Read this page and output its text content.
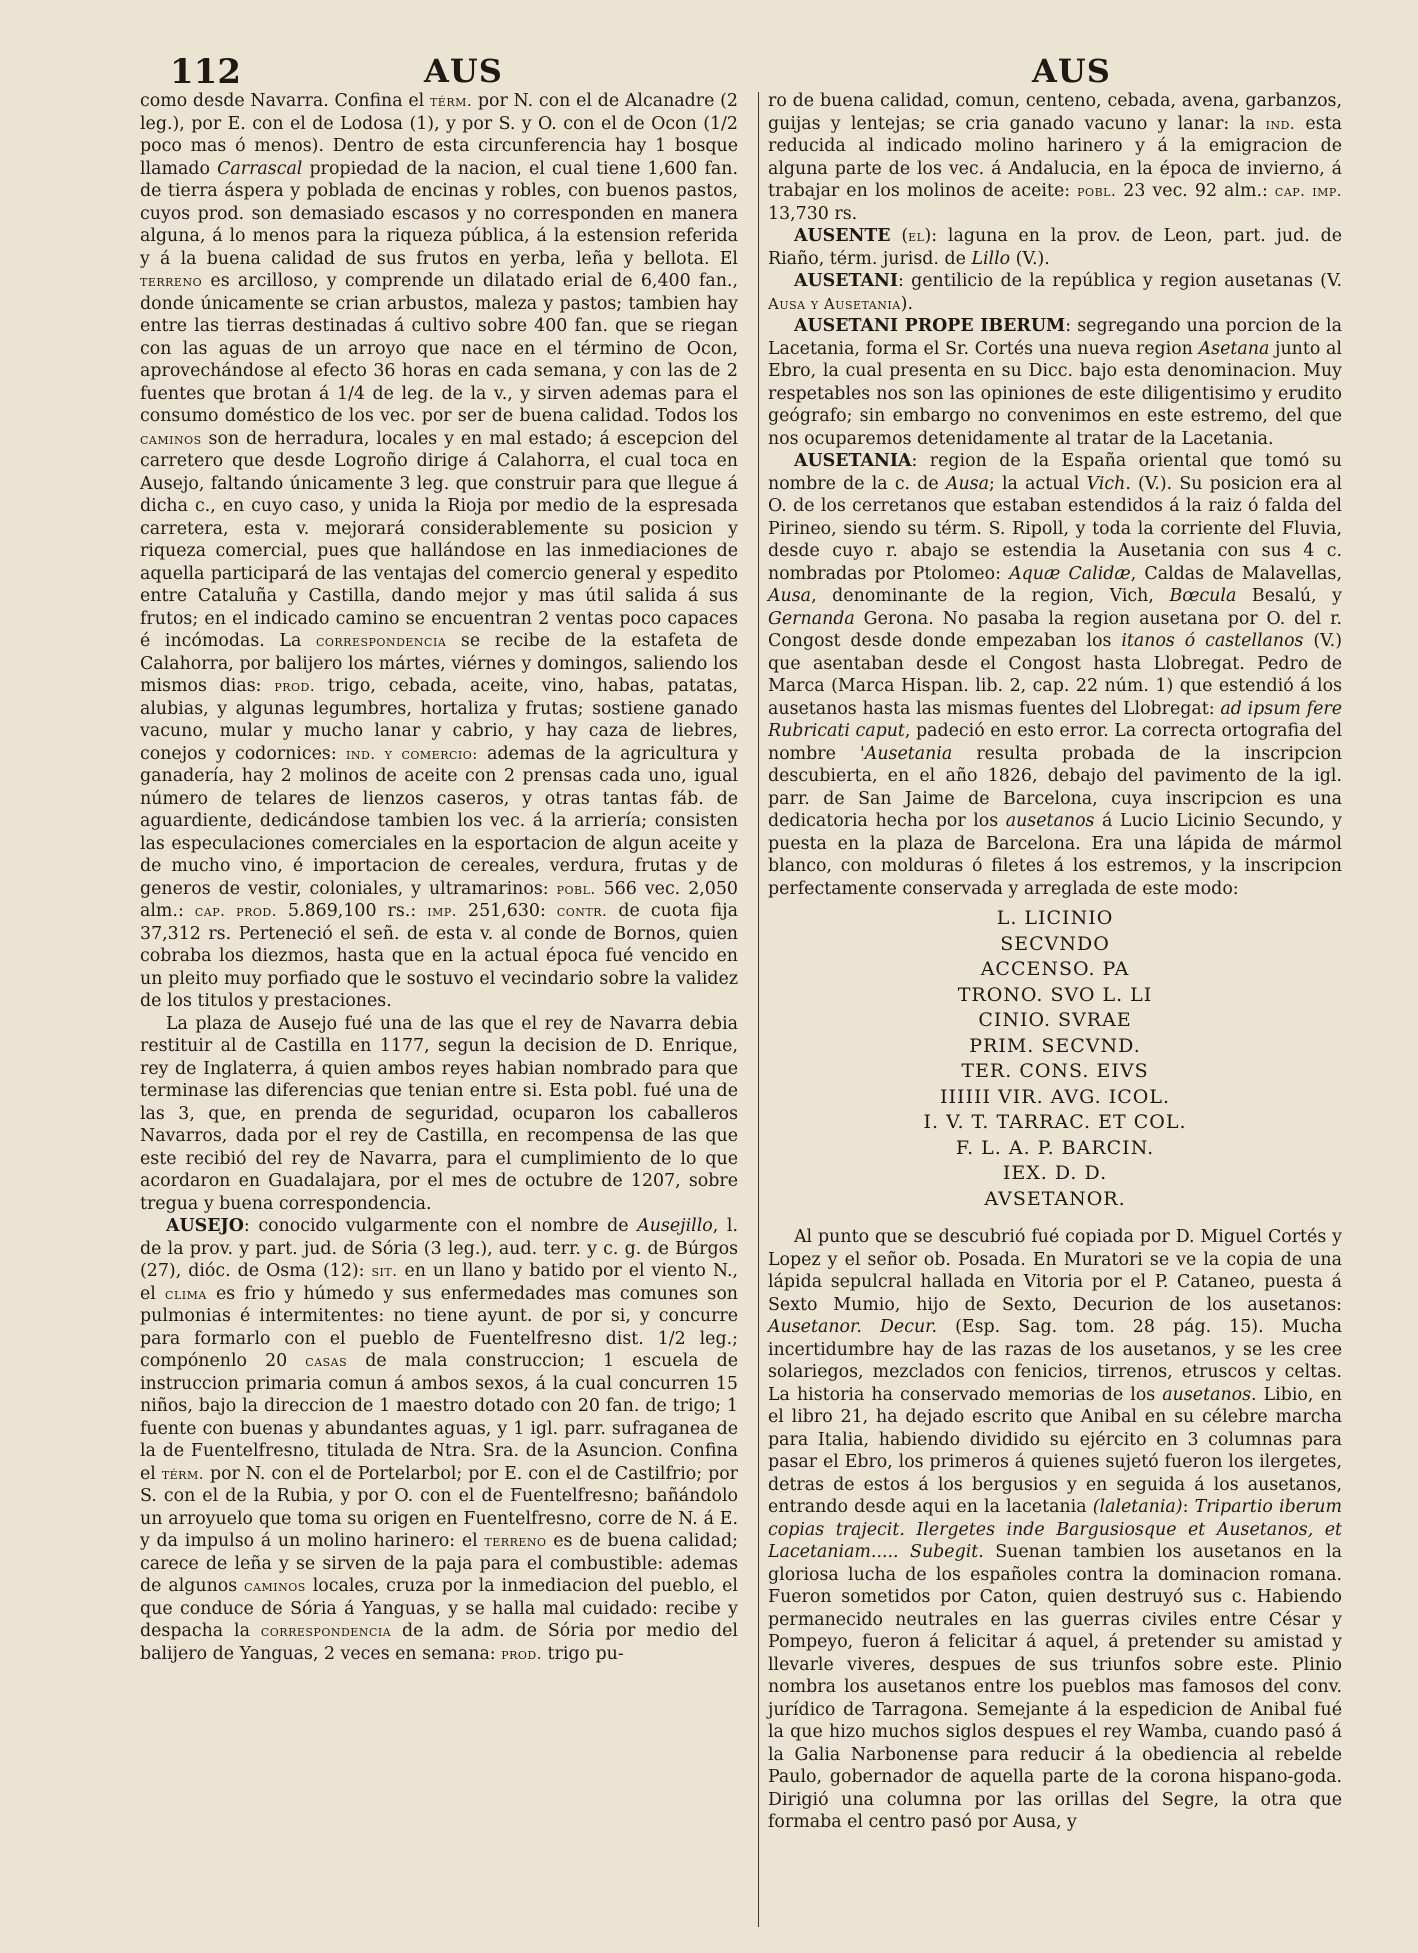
112	AUS	AUS

como desde Navarra. Confina el térm. por N. con el de Alcanadre (2 leg.), por E. con el de Lodosa (1), y por S. y O. con el de Ocon (1/2 poco mas ó menos). Dentro de esta circunferencia hay 1 bosque llamado Carrascal propiedad de la nacion, el cual tiene 1,600 fan. de tierra áspera y poblada de encinas y robles, con buenos pastos, cuyos prod. son demasiado escasos y no corresponden en manera alguna, á lo menos para la riqueza pública, á la estension referida y á la buena calidad de sus frutos en yerba, leña y bellota. El terreno es arcilloso, y comprende un dilatado erial de 6,400 fan., donde únicamente se crian arbustos, maleza y pastos; tambien hay entre las tierras destinadas á cultivo sobre 400 fan. que se riegan con las aguas de un arroyo que nace en el término de Ocon, aprovechándose al efecto 36 horas en cada semana, y con las de 2 fuentes que brotan á 1/4 de leg. de la v., y sirven ademas para el consumo doméstico de los vec. por ser de buena calidad. Todos los caminos son de herradura, locales y en mal estado; á escepcion del carretero que desde Logroño dirige á Calahorra, el cual toca en Ausejo, faltando únicamente 3 leg. que construir para que llegue á dicha c., en cuyo caso, y unida la Rioja por medio de la espresada carretera, esta v. mejorará considerablemente su posicion y riqueza comercial, pues que hallándose en las inmediaciones de aquella participará de las ventajas del comercio general y espedito entre Cataluña y Castilla, dando mejor y mas útil salida á sus frutos; en el indicado camino se encuentran 2 ventas poco capaces é incómodas. La correspondencia se recibe de la estafeta de Calahorra, por balijero los mártes, viérnes y domingos, saliendo los mismos dias: prod. trigo, cebada, aceite, vino, habas, patatas, alubias, y algunas legumbres, hortaliza y frutas; sostiene ganado vacuno, mular y mucho lanar y cabrio, y hay caza de liebres, conejos y codornices: ind. y comercio: ademas de la agricultura y ganadería, hay 2 molinos de aceite con 2 prensas cada uno, igual número de telares de lienzos caseros, y otras tantas fáb. de aguardiente, dedicándose tambien los vec. á la arriería; consisten las especulaciones comerciales en la esportacion de algun aceite y de mucho vino, é importacion de cereales, verdura, frutas y de generos de vestir, coloniales, y ultramarinos: pobl. 566 vec. 2,050 alm.: cap. prod. 5.869,100 rs.: imp. 251,630: contr. de cuota fija 37,312 rs. Perteneció el señ. de esta v. al conde de Bornos, quien cobraba los diezmos, hasta que en la actual época fué vencido en un pleito muy porfiado que le sostuvo el vecindario sobre la validez de los titulos y prestaciones.

La plaza de Ausejo fué una de las que el rey de Navarra debia restituir al de Castilla en 1177, segun la decision de D. Enrique, rey de Inglaterra, á quien ambos reyes habian nombrado para que terminase las diferencias que tenian entre si. Esta pobl. fué una de las 3, que, en prenda de seguridad, ocuparon los caballeros Navarros, dada por el rey de Castilla, en recompensa de las que este recibió del rey de Navarra, para el cumplimiento de lo que acordaron en Guadalajara, por el mes de octubre de 1207, sobre tregua y buena correspondencia.

AUSEJO: conocido vulgarmente con el nombre de Ausejillo, l. de la prov. y part. jud. de Sória (3 leg.), aud. terr. y c. g. de Búrgos (27), dióc. de Osma (12): sit. en un llano y batido por el viento N., el clima es frio y húmedo y sus enfermedades mas comunes son pulmonias é intermitentes: no tiene ayunt. de por si, y concurre para formarlo con el pueblo de Fuentelfresno dist. 1/2 leg.; compónenlo 20 casas de mala construccion; 1 escuela de instruccion primaria comun á ambos sexos, á la cual concurren 15 niños, bajo la direccion de 1 maestro dotado con 20 fan. de trigo; 1 fuente con buenas y abundantes aguas, y 1 igl. parr. sufraganea de la de Fuentelfresno, titulada de Ntra. Sra. de la Asuncion. Confina el térm. por N. con el de Portelarbol; por E. con el de Castilfrio; por S. con el de la Rubia, y por O. con el de Fuentelfresno; bañándolo un arroyuelo que toma su origen en Fuentelfresno, corre de N. á E. y da impulso á un molino harinero: el terreno es de buena calidad; carece de leña y se sirven de la paja para el combustible: ademas de algunos caminos locales, cruza por la inmediacion del pueblo, el que conduce de Sória á Yanguas, y se halla mal cuidado: recibe y despacha la correspondencia de la adm. de Sória por medio del balijero de Yanguas, 2 veces en semana: prod. trigo pu-

ro de buena calidad, comun, centeno, cebada, avena, garbanzos, guijas y lentejas; se cria ganado vacuno y lanar: la ind. esta reducida al indicado molino harinero y á la emigracion de alguna parte de los vec. á Andalucia, en la época de invierno, á trabajar en los molinos de aceite: pobl. 23 vec. 92 alm.: cap. imp. 13,730 rs.

AUSENTE (el): laguna en la prov. de Leon, part. jud. de Riaño, térm. jurisd. de Lillo (V.).

AUSETANI: gentilicio de la república y region ausetanas (V. Ausa y Ausetania).

AUSETANI PROPE IBERUM: segregando una porcion de la Lacetania, forma el Sr. Cortés una nueva region Asetana junto al Ebro, la cual presenta en su Dicc. bajo esta denominacion. Muy respetables nos son las opiniones de este diligentisimo y erudito geógrafo; sin embargo no convenimos en este estremo, del que nos ocuparemos detenidamente al tratar de la Lacetania.

AUSETANIA: region de la España oriental que tomó su nombre de la c. de Ausa; la actual Vich. (V.). Su posicion era al O. de los cerretanos que estaban estendidos á la raiz ó falda del Pirineo, siendo su térm. S. Ripoll, y toda la corriente del Fluvia, desde cuyo r. abajo se estendia la Ausetania con sus 4 c. nombradas por Ptolomeo: Aquæ Calidæ, Caldas de Malavellas, Ausa, denominante de la region, Vich, Bœcula Besalú, y Gernanda Gerona. No pasaba la region ausetana por O. del r. Congost desde donde empezaban los itanos ó castellanos (V.) que asentaban desde el Congost hasta Llobregat. Pedro de Marca (Marca Hispan. lib. 2, cap. 22 núm. 1) que estendió á los ausetanos hasta las mismas fuentes del Llobregat: ad ipsum fere Rubricati caput, padeció en esto error. La correcta ortografia del nombre 'Ausetania resulta probada de la inscripcion descubierta, en el año 1826, debajo del pavimento de la igl. parr. de San Jaime de Barcelona, cuya inscripcion es una dedicatoria hecha por los ausetanos á Lucio Licinio Secundo, y puesta en la plaza de Barcelona. Era una lápida de mármol blanco, con molduras ó filetes á los estremos, y la inscripcion perfectamente conservada y arreglada de este modo:

L. LICINIO
SECVNDO
ACCENSO. PA
TRONO. SVO L. LI
CINIO. SVRAE
PRIM. SECVND.
TER. CONS. EIVS
IIIIII VIR. AVG. ICOL.
I. V. T. TARRAC. ET COL.
F. L. A. P. BARCIN.
IEX. D. D.
AVSETANOR.

Al punto que se descubrió fué copiada por D. Miguel Cortés y Lopez y el señor ob. Posada. En Muratori se ve la copia de una lápida sepulcral hallada en Vitoria por el P. Cataneo, puesta á Sexto Mumio, hijo de Sexto, Decurion de los ausetanos: Ausetanor. Decur. (Esp. Sag. tom. 28 pág. 15). Mucha incertidumbre hay de las razas de los ausetanos, y se les cree solariegos, mezclados con fenicios, tirrenos, etruscos y celtas. La historia ha conservado memorias de los ausetanos. Libio, en el libro 21, ha dejado escrito que Anibal en su célebre marcha para Italia, habiendo dividido su ejército en 3 columnas para pasar el Ebro, los primeros á quienes sujetó fueron los ilergetes, detras de estos á los bergusios y en seguida á los ausetanos, entrando desde aqui en la lacetania (laletania): Tripartio iberum copias trajecit. Ilergetes inde Bargusiosque et Ausetanos, et Lacetaniam..... Subegit. Suenan tambien los ausetanos en la gloriosa lucha de los españoles contra la dominacion romana. Fueron sometidos por Caton, quien destruyó sus c. Habiendo permanecido neutrales en las guerras civiles entre César y Pompeyo, fueron á felicitar á aquel, á pretender su amistad y llevarle viveres, despues de sus triunfos sobre este. Plinio nombra los ausetanos entre los pueblos mas famosos del conv. jurídico de Tarragona. Semejante á la espedicion de Anibal fué la que hizo muchos siglos despues el rey Wamba, cuando pasó á la Galia Narbonense para reducir á la obediencia al rebelde Paulo, gobernador de aquella parte de la corona hispano-goda. Dirigió una columna por las orillas del Segre, la otra que formaba el centro pasó por Ausa, y
